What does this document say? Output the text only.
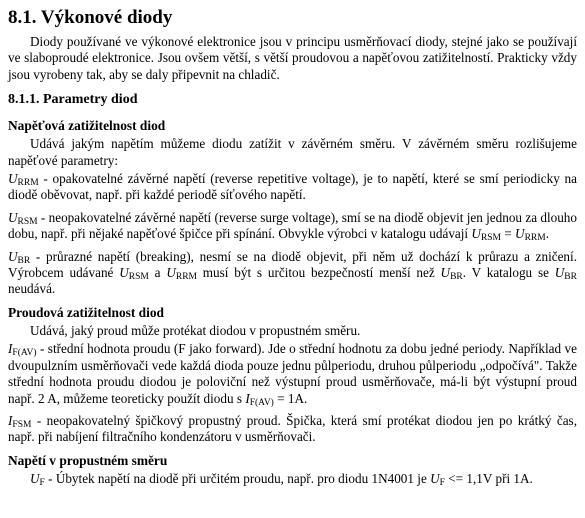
8.1. Výkonové diody

Diody používané ve výkonové elektronice jsou v principu usměrňovací diody, stejné jako se používají ve slaboproudé elektronice. Jsou ovšem větší, s větší proudovou a napěťovou zatižitelností. Prakticky vždy jsou vyrobeny tak, aby se daly připevnit na chladič.

8.1.1. Parametry diod
Napěťová zatižitelnost diod

Udává jakým napětím můžeme diodu zatížit v závěrném směru. V závěrném směru rozlišujeme napěťové parametry:

$U_{RRM}$ - opakovatelné závěrné napětí (reverse repetitive voltage), je to napětí, které se smí periodicky na diodě oběvovat, např. při každé periodě síťového napětí.

$U_{RSM}$ - neopakovatelné závěrné napětí (reverse surge voltage), smí se na diodě objevit jen jednou za dlouho dobu, např. při nějaké napěťové špičce při spínání. Obvykle výrobci v katalogu udávají $U_{RSM} = U_{RRM}$.

$U_{BR}$ - průrazné napětí (breaking), nesmí se na diodě objevit, při něm už dochází k průrazu a zničení. Výrobcem udávané $U_{RSM}$ a $U_{RRM}$ musí být s určitou bezpečností menší než $U_{BR}$. V katalogu se $U_{BR}$ neudává.

Proudová zatižitelnost diod

Udává, jaký proud může protékat diodou v propustném směru.

$I_{F(AV)}$ - střední hodnota proudu (F jako forward). Jde o střední hodnotu za dobu jedné periody. Například ve dvoupulzním usměrňovači vede každá dioda pouze jednu půlperiodu, druhou půlperiodu „odpočívá". Takže střední hodnota proudu diodou je poloviční než výstupní proud usměrňovače, má-li být výstupní proud např. 2 A, můžeme teoreticky použít diodu s $I_{F(AV)} = 1A$.

$I_{FSM}$ - neopakovatelný špičkový propustný proud. Špička, která smí protékat diodou jen po krátký čas, např. při nabíjení filtračního kondenzátoru v usměrňovači.

Napětí v propustném směru

$U_F$ - Úbytek napětí na diodě při určitém proudu, např. pro diodu 1N4001 je $U_F <= 1,1V$ při 1A.
